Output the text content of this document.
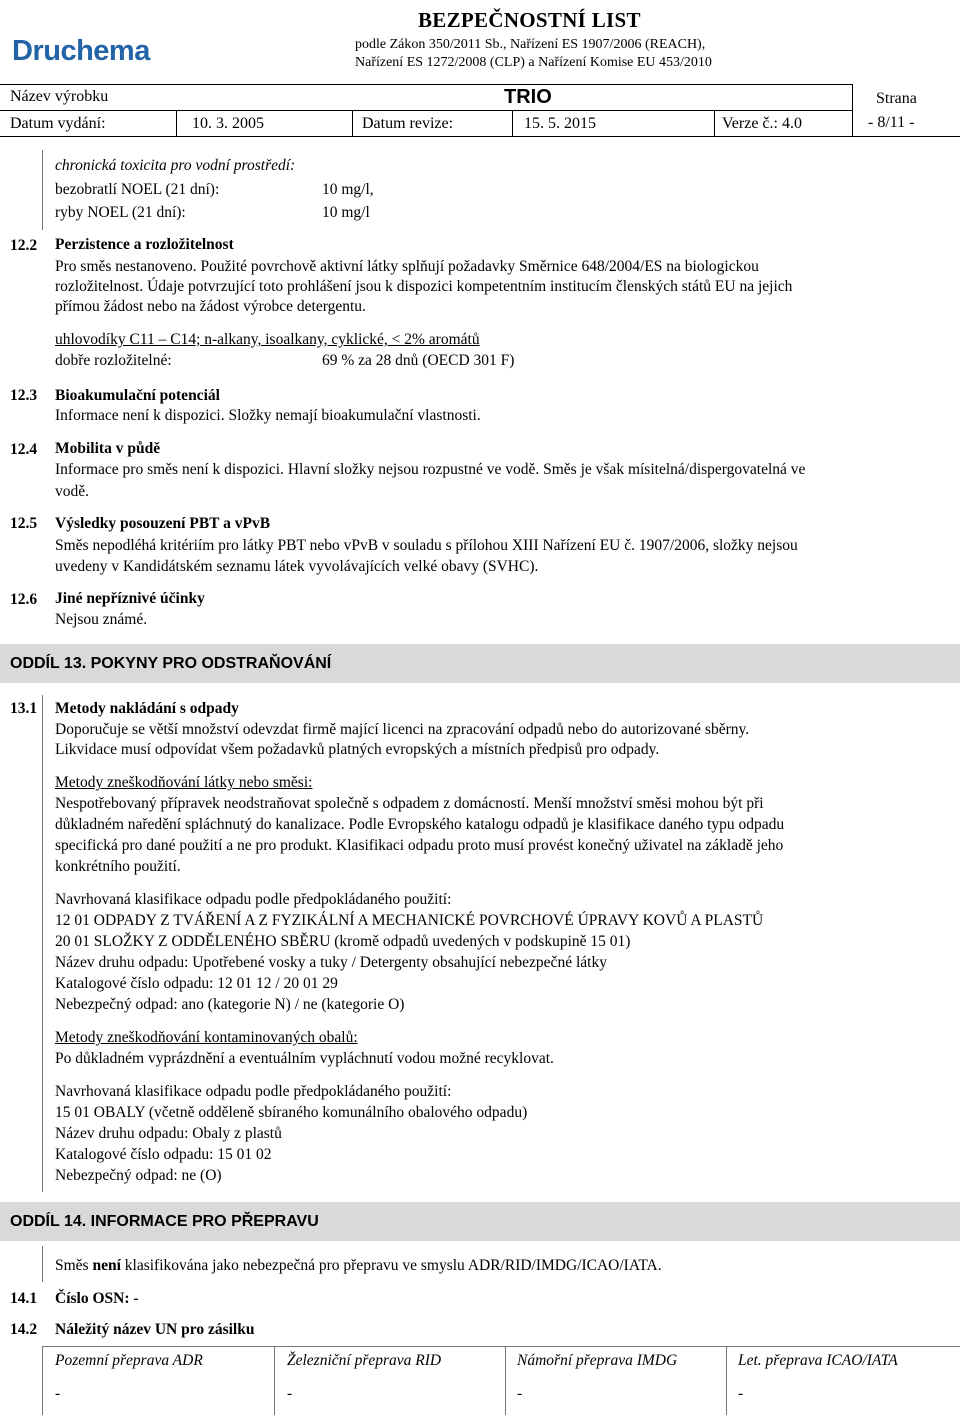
Druchema
BEZPEČNOSTNÍ LIST
podle Zákon 350/2011 Sb., Nařízení ES 1907/2006 (REACH),
Nařízení ES 1272/2008 (CLP) a Nařízení Komise EU 453/2010
Název výrobku	TRIO	Strana
Datum vydání:	10. 3. 2005	Datum revize:	15. 5. 2015	Verze č.: 4.0	- 8/11 -
chronická toxicita pro vodní prostředí:
bezobratlí NOEL (21 dní):	10 mg/l,
ryby NOEL (21 dní):	10 mg/l
12.2 Perzistence a rozložitelnost
Pro směs nestanoveno. Použité povrchově aktivní látky splňují požadavky Směrnice 648/2004/ES na biologickou
rozložitelnost. Údaje potvrzující toto prohlášení jsou k dispozici kompetentním institucím členských států EU na jejich
přímou žádost nebo na žádost výrobce detergentu.
uhlovodíky C11 – C14; n-alkany, isoalkany, cyklické, < 2% aromátů
dobře rozložitelné:	69 % za 28 dnů (OECD 301 F)
12.3 Bioakumulační potenciál
Informace není k dispozici. Složky nemají bioakumulační vlastnosti.
12.4 Mobilita v půdě
Informace pro směs není k dispozici. Hlavní složky nejsou rozpustné ve vodě. Směs je však mísitelná/dispergovatelná ve
vodě.
12.5 Výsledky posouzení PBT a vPvB
Směs nepodléhá kritériím pro látky PBT nebo vPvB v souladu s přílohou XIII Nařízení EU č. 1907/2006, složky nejsou
uvedeny v Kandidátském seznamu látek vyvolávajících velké obavy (SVHC).
12.6 Jiné nepříznivé účinky
Nejsou známé.
ODDÍL 13. POKYNY PRO ODSTRAŇOVÁNÍ
13.1 Metody nakládání s odpady
Doporučuje se větší množství odevzdat firmě mající licenci na zpracování odpadů nebo do autorizované sběrny.
Likvidace musí odpovídat všem požadavků platných evropských a místních předpisů pro odpady.
Metody zneškodňování látky nebo směsi:
Nespotřebovaný přípravek neodstraňovat společně s odpadem z domácností. Menší množství směsi mohou být při
důkladném naředění spláchnutý do kanalizace. Podle Evropského katalogu odpadů je klasifikace daného typu odpadu
specifická pro dané použití a ne pro produkt. Klasifikaci odpadu proto musí provést konečný uživatel na základě jeho
konkrétního použití.
Navrhovaná klasifikace odpadu podle předpokládaného použití:
12 01 ODPADY Z TVÁŘENÍ A Z FYZIKÁLNÍ A MECHANICKÉ POVRCHOVÉ ÚPRAVY KOVŮ A PLASTŮ
20 01 SLOŽKY Z ODDĚLENÉHO SBĚRU (kromě odpadů uvedených v podskupině 15 01)
Název druhu odpadu: Upotřebené vosky a tuky / Detergenty obsahující nebezpečné látky
Katalogové číslo odpadu: 12 01 12 / 20 01 29
Nebezpečný odpad: ano (kategorie N) / ne (kategorie O)
Metody zneškodňování kontaminovaných obalů:
Po důkladném vyprázdnění a eventuálním vypláchnutí vodou možné recyklovat.
Navrhovaná klasifikace odpadu podle předpokládaného použití:
15 01 OBALY (včetně odděleně sbíraného komunálního obalového odpadu)
Název druhu odpadu: Obaly z plastů
Katalogové číslo odpadu: 15 01 02
Nebezpečný odpad: ne (O)
ODDÍL 14. INFORMACE PRO PŘEPRAVU
Směs není klasifikována jako nebezpečná pro přepravu ve smyslu ADR/RID/IMDG/ICAO/IATA.
14.1 Číslo OSN: -
14.2 Náležitý název UN pro zásilku
Pozemní přeprava ADR	Železniční přeprava RID	Námořní přeprava IMDG	Let. přeprava ICAO/IATA
-	-	-	-
